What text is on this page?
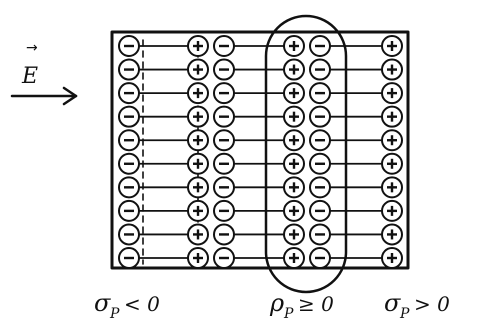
E
→
σ P < 0	ρ P ≥ 0 σ P > 0
